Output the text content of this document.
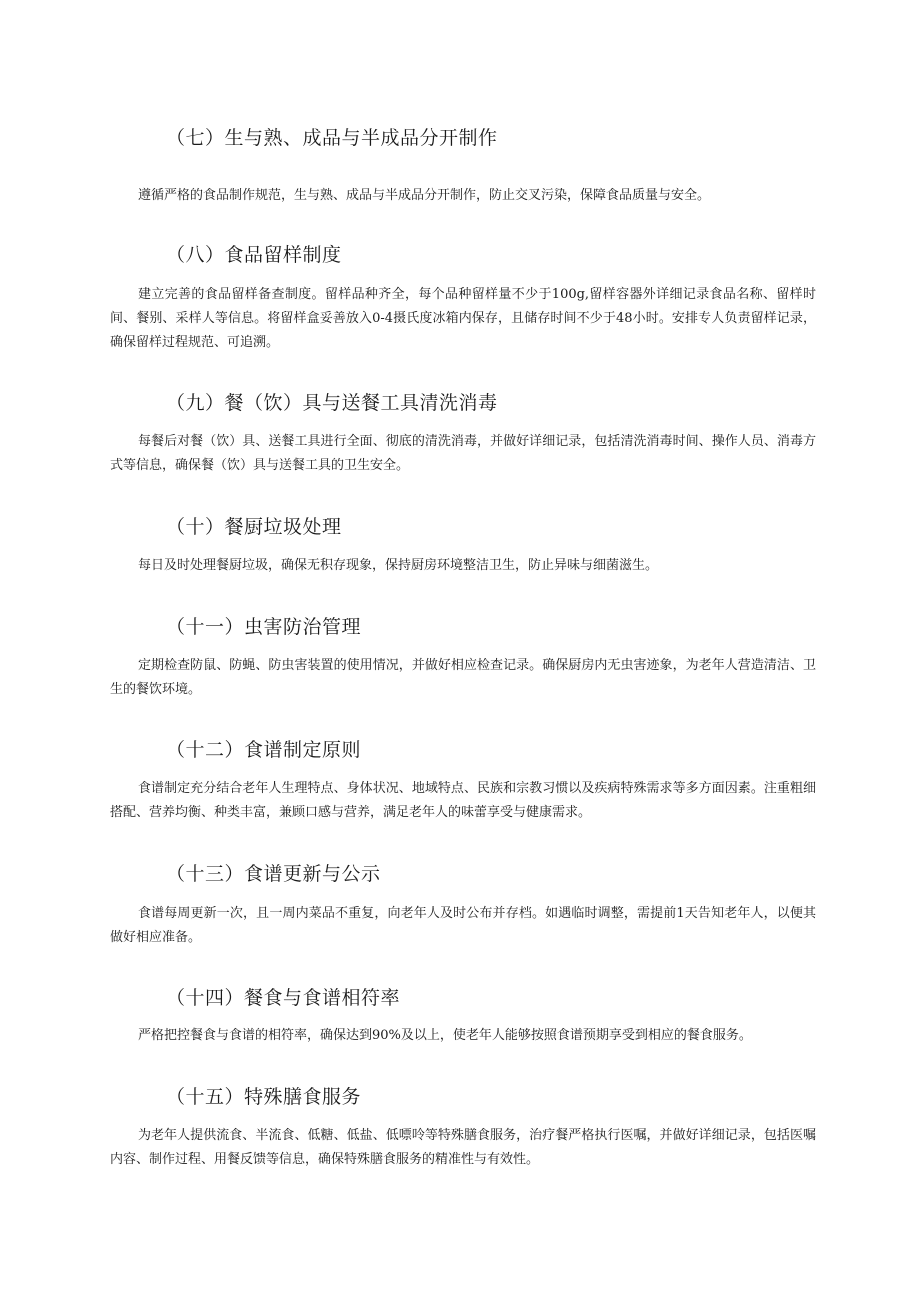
（七）生与熟、成品与半成品分开制作
遵循严格的食品制作规范，生与熟、成品与半成品分开制作，防止交叉污染，保障食品质量与安全。
（八）食品留样制度
建立完善的食品留样备查制度。留样品种齐全，每个品种留样量不少于100g,留样容器外详细记录食品名称、留样时间、餐别、采样人等信息。将留样盒妥善放入0-4摄氏度冰箱内保存，且储存时间不少于48小时。安排专人负责留样记录，确保留样过程规范、可追溯。
（九）餐（饮）具与送餐工具清洗消毒
每餐后对餐（饮）具、送餐工具进行全面、彻底的清洗消毒，并做好详细记录，包括清洗消毒时间、操作人员、消毒方式等信息，确保餐（饮）具与送餐工具的卫生安全。
（十）餐厨垃圾处理
每日及时处理餐厨垃圾，确保无积存现象，保持厨房环境整洁卫生，防止异味与细菌滋生。
（十一）虫害防治管理
定期检查防鼠、防蝇、防虫害装置的使用情况，并做好相应检查记录。确保厨房内无虫害迹象，为老年人营造清洁、卫生的餐饮环境。
（十二）食谱制定原则
食谱制定充分结合老年人生理特点、身体状况、地域特点、民族和宗教习惯以及疾病特殊需求等多方面因素。注重粗细搭配、营养均衡、种类丰富，兼顾口感与营养，满足老年人的味蕾享受与健康需求。
（十三）食谱更新与公示
食谱每周更新一次，且一周内菜品不重复，向老年人及时公布并存档。如遇临时调整，需提前1天告知老年人，以便其做好相应准备。
（十四）餐食与食谱相符率
严格把控餐食与食谱的相符率，确保达到90%及以上，使老年人能够按照食谱预期享受到相应的餐食服务。
（十五）特殊膳食服务
为老年人提供流食、半流食、低糖、低盐、低嘌呤等特殊膳食服务，治疗餐严格执行医嘱，并做好详细记录，包括医嘱内容、制作过程、用餐反馈等信息，确保特殊膳食服务的精准性与有效性。
